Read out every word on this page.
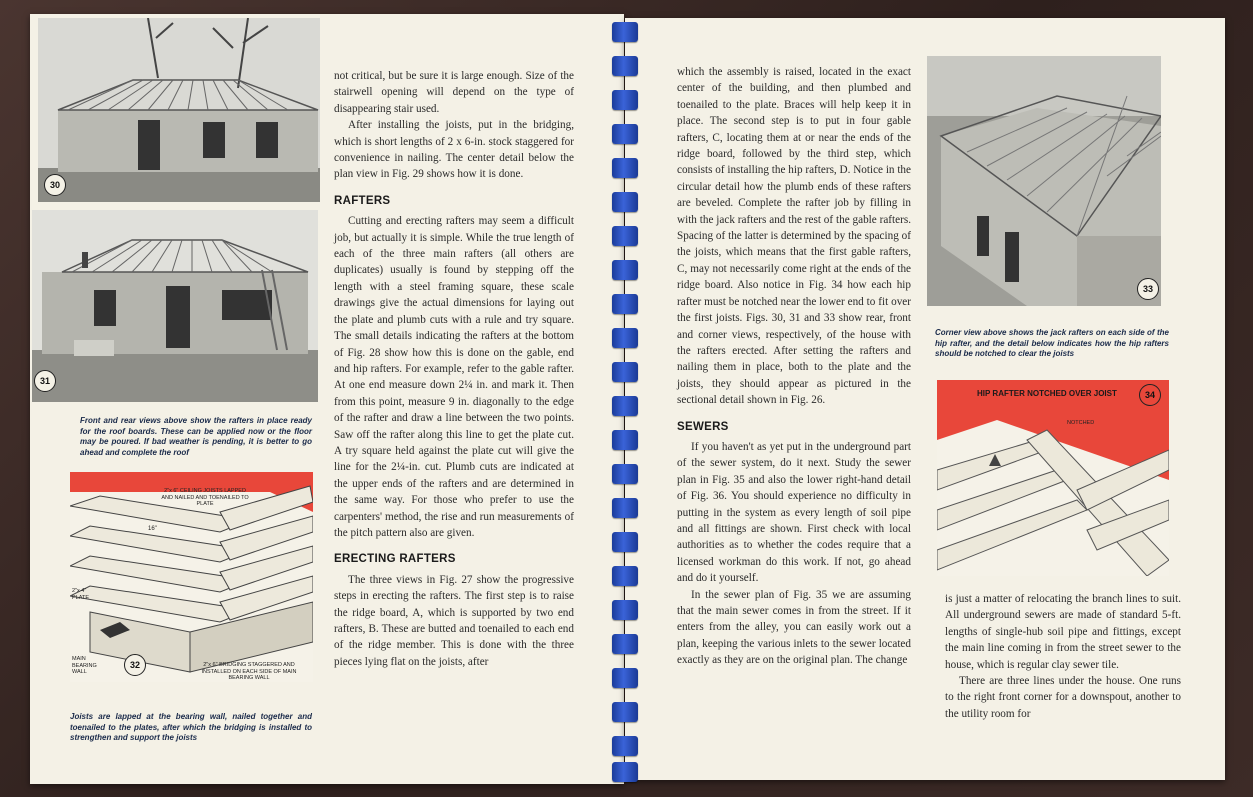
30
31
Front and rear views above show the rafters in place ready for the roof boards. These can be applied now or the floor may be poured. If bad weather is pending, it is better to go ahead and complete the roof
32
2"x 6" CEILING JOISTS LAPPED AND NAILED AND TOENAILED TO PLATE
2"x 4" PLATE
MAIN BEARING WALL
2"x 6" BRIDGING STAGGERED AND INSTALLED ON EACH SIDE OF MAIN BEARING WALL
16"
Joists are lapped at the bearing wall, nailed together and toenailed to the plates, after which the bridging is installed to strengthen and support the joists

not critical, but be sure it is large enough. Size of the stairwell opening will depend on the type of disappearing stair used.

After installing the joists, put in the bridging, which is short lengths of 2 x 6-in. stock staggered for convenience in nailing. The center detail below the plan view in Fig. 29 shows how it is done.

RAFTERS

Cutting and erecting rafters may seem a difficult job, but actually it is simple. While the true length of each of the three main rafters (all others are duplicates) usually is found by stepping off the length with a steel framing square, these scale drawings give the actual dimensions for laying out the plate and plumb cuts with a rule and try square. The small details indicating the rafters at the bottom of Fig. 28 show how this is done on the gable, end and hip rafters. For example, refer to the gable rafter. At one end measure down 2¼ in. and mark it. Then from this point, measure 9 in. diagonally to the edge of the rafter and draw a line between the two points. Saw off the rafter along this line to get the plate cut. A try square held against the plate cut will give the line for the 2¼-in. cut. Plumb cuts are indicated at the upper ends of the rafters and are determined in the same way. For those who prefer to use the carpenters' method, the rise and run measurements of the pitch pattern also are given.

ERECTING RAFTERS

The three views in Fig. 27 show the progressive steps in erecting the rafters. The first step is to raise the ridge board, A, which is supported by two end rafters, B. These are butted and toenailed to each end of the ridge member. This is done with the three pieces lying flat on the joists, after

which the assembly is raised, located in the exact center of the building, and then plumbed and toenailed to the plate. Braces will help keep it in place. The second step is to put in four gable rafters, C, locating them at or near the ends of the ridge board, followed by the third step, which consists of installing the hip rafters, D. Notice in the circular detail how the plumb ends of these rafters are beveled. Complete the rafter job by filling in with the jack rafters and the rest of the gable rafters. Spacing of the latter is determined by the spacing of the joists, which means that the first gable rafters, C, may not necessarily come right at the ends of the ridge board. Also notice in Fig. 34 how each hip rafter must be notched near the lower end to fit over the first joists. Figs. 30, 31 and 33 show rear, front and corner views, respectively, of the house with the rafters erected. After setting the rafters and nailing them in place, both to the plate and the joists, they should appear as pictured in the sectional detail shown in Fig. 26.

SEWERS

If you haven't as yet put in the underground part of the sewer system, do it next. Study the sewer plan in Fig. 35 and also the lower right-hand detail of Fig. 36. You should experience no difficulty in putting in the system as every length of soil pipe and all fittings are shown. First check with local authorities as to whether the codes require that a licensed workman do this work. If not, go ahead and do it yourself.

In the sewer plan of Fig. 35 we are assuming that the main sewer comes in from the street. If it enters from the alley, you can easily work out a plan, keeping the various inlets to the sewer located exactly as they are on the original plan. The change

33
Corner view above shows the jack rafters on each side of the hip rafter, and the detail below indicates how the hip rafters should be notched to clear the joists
HIP RAFTER NOTCHED OVER JOIST	34
NOTCHED

is just a matter of relocating the branch lines to suit. All underground sewers are made of standard 5-ft. lengths of single-hub soil pipe and fittings, except the main line coming in from the street sewer to the house, which is regular clay sewer tile.

There are three lines under the house. One runs to the right front corner for a downspout, another to the utility room for
